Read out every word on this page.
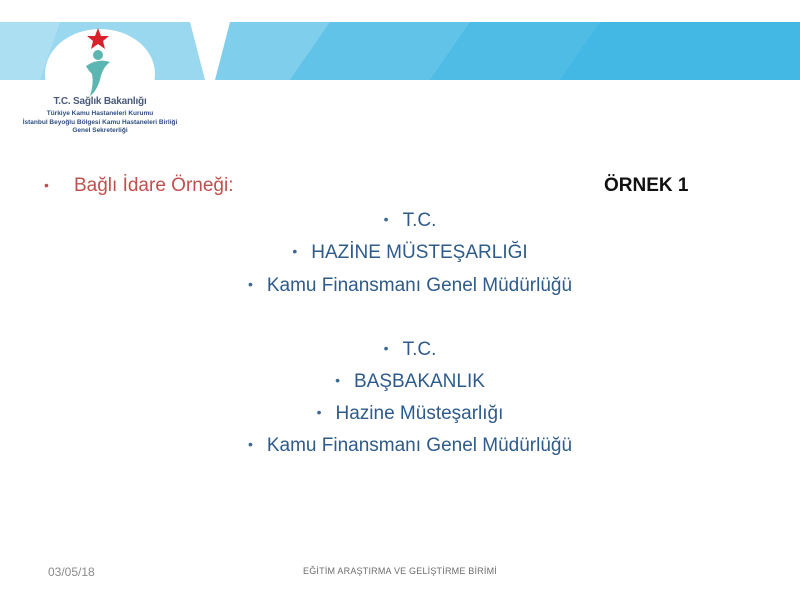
T.C. Sağlık Bakanlığı
Türkiye Kamu Hastaneleri Kurumu
İstanbul Beyoğlu Bölgesi Kamu Hastaneleri Birliği
Genel Sekreterliği
• Bağlı İdare Örneği:	ÖRNEK 1
• T.C.
• HAZİNE MÜSTEŞARLIĞI
• Kamu Finansmanı Genel Müdürlüğü
• T.C.
• BAŞBAKANLIK
• Hazine Müsteşarlığı
• Kamu Finansmanı Genel Müdürlüğü
03/05/18	EĞİTİM ARAŞTIRMA VE GELİŞTİRME BİRİMİ
